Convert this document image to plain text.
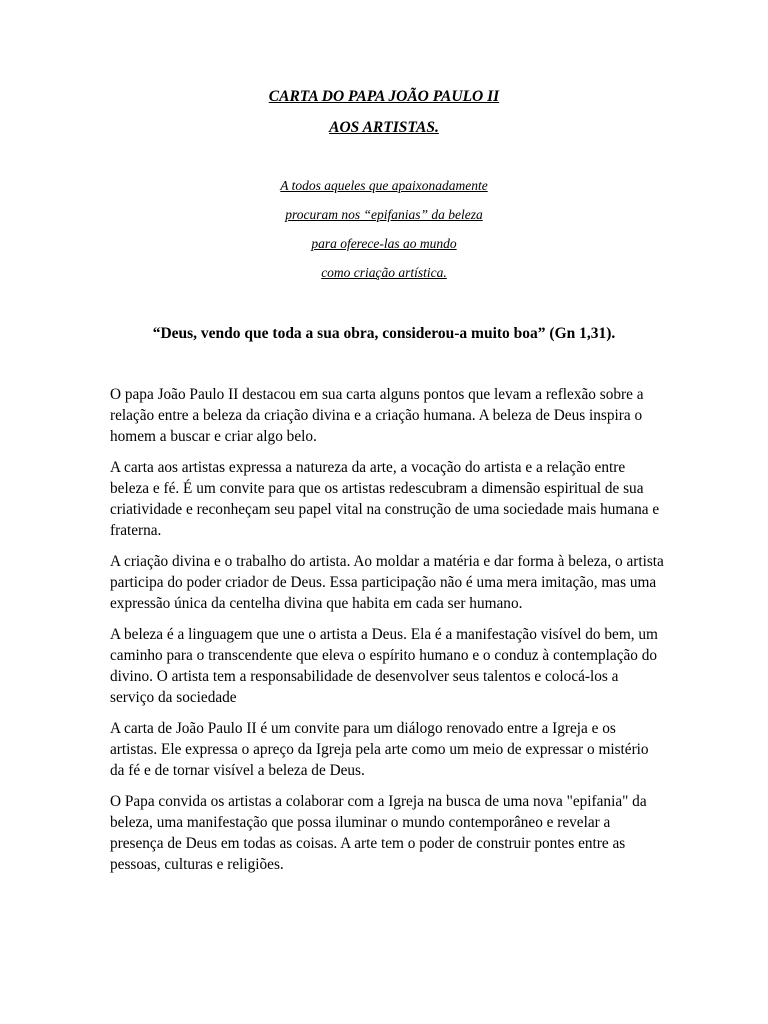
CARTA DO PAPA JOÃO PAULO II
AOS ARTISTAS.
A todos aqueles que apaixonadamente
procuram nos “epifanias” da beleza
para oferece-las ao mundo
como criação artística.

“Deus, vendo que toda a sua obra, considerou-a muito boa” (Gn 1,31).

O papa João Paulo II destacou em sua carta alguns pontos que levam a reflexão sobre a relação entre a beleza da criação divina e a criação humana. A beleza de Deus inspira o homem a buscar e criar algo belo.

A carta aos artistas expressa a natureza da arte, a vocação do artista e a relação entre beleza e fé. É um convite para que os artistas redescubram a dimensão espiritual de sua criatividade e reconheçam seu papel vital na construção de uma sociedade mais humana e fraterna.

A criação divina e o trabalho do artista. Ao moldar a matéria e dar forma à beleza, o artista participa do poder criador de Deus. Essa participação não é uma mera imitação, mas uma expressão única da centelha divina que habita em cada ser humano.

A beleza é a linguagem que une o artista a Deus. Ela é a manifestação visível do bem, um caminho para o transcendente que eleva o espírito humano e o conduz à contemplação do divino. O artista tem a responsabilidade de desenvolver seus talentos e colocá-los a serviço da sociedade

A carta de João Paulo II é um convite para um diálogo renovado entre a Igreja e os artistas. Ele expressa o apreço da Igreja pela arte como um meio de expressar o mistério da fé e de tornar visível a beleza de Deus.

O Papa convida os artistas a colaborar com a Igreja na busca de uma nova "epifania" da beleza, uma manifestação que possa iluminar o mundo contemporâneo e revelar a presença de Deus em todas as coisas. A arte tem o poder de construir pontes entre as pessoas, culturas e religiões.
